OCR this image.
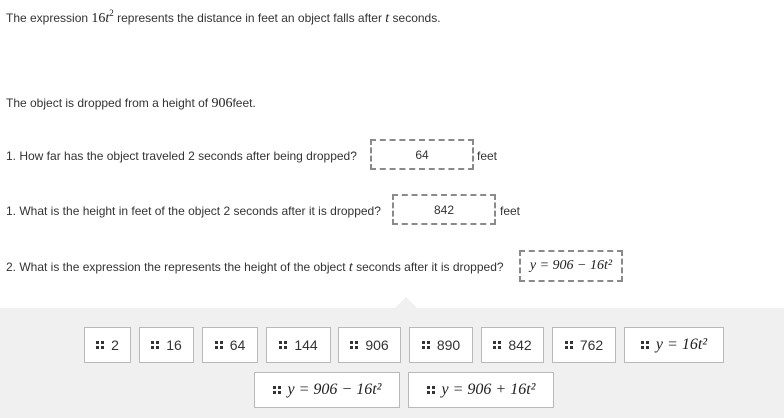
The expression $16t^2$ represents the distance in feet an object falls after t seconds.
The object is dropped from a height of 906feet.
1. How far has the object traveled 2 seconds after being dropped?	64	feet
1. What is the height in feet of the object 2 seconds after it is dropped?	842	feet
2. What is the expression the represents the height of the object t seconds after it is dropped? y = 906 − 16t²
2	16	64	144	906	890	842	762	y = 16t²
y = 906 − 16t²	y = 906 + 16t²
